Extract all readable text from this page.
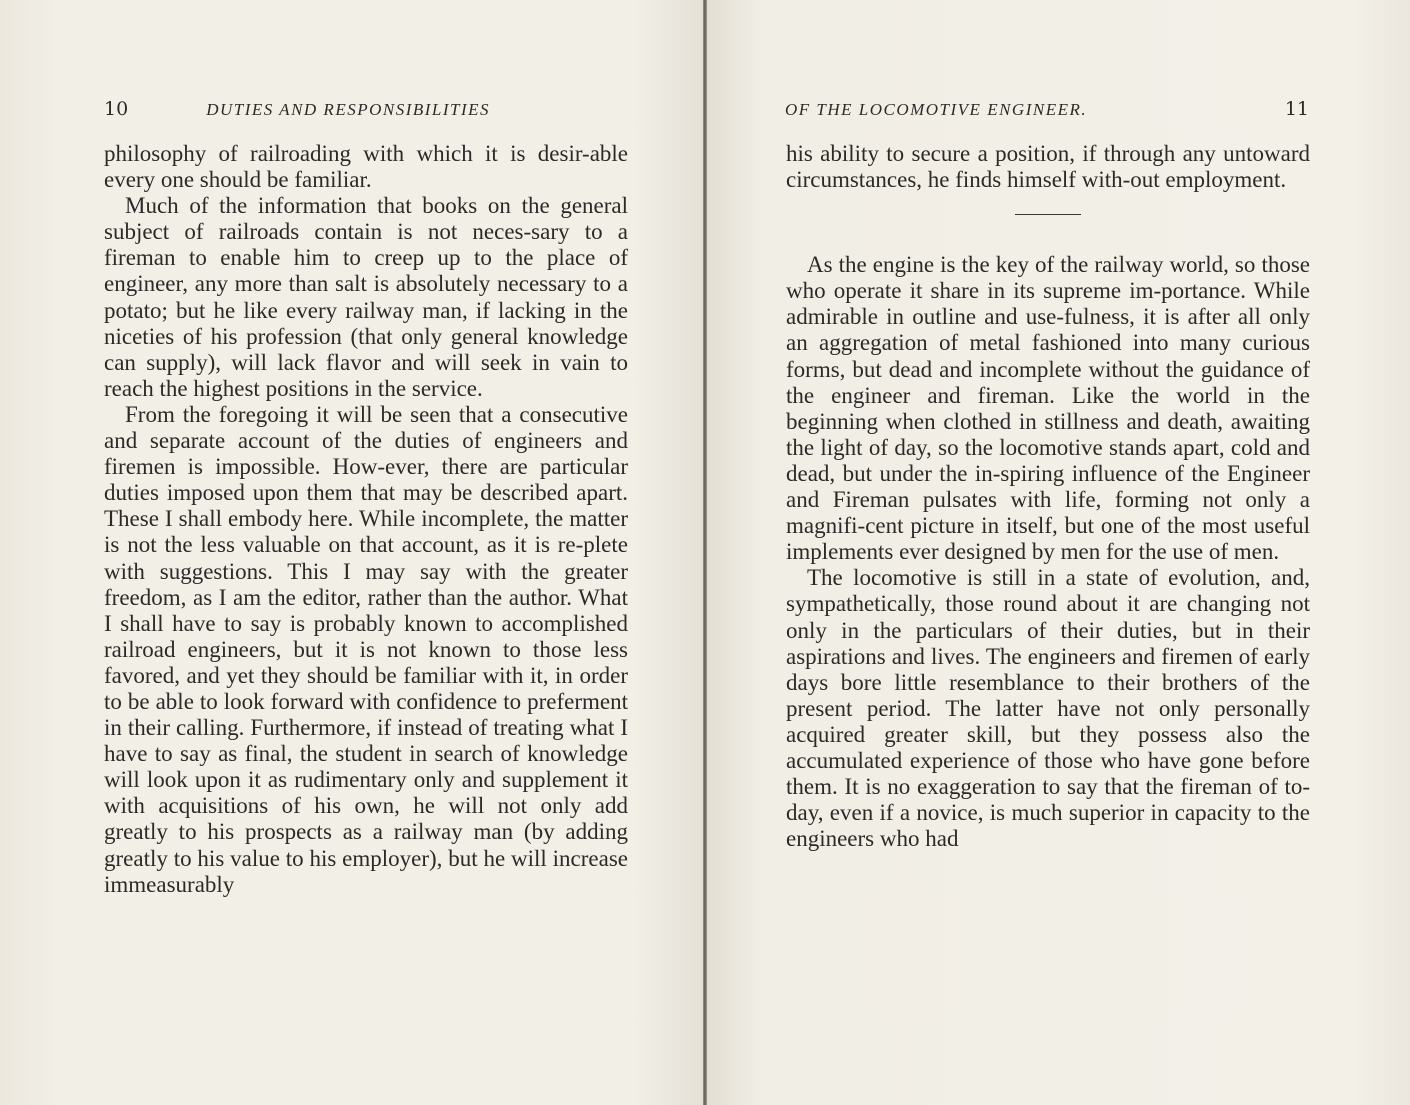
10	DUTIES AND RESPONSIBILITIES

philosophy of railroading with which it is desir-able every one should be familiar.

Much of the information that books on the general subject of railroads contain is not neces-sary to a fireman to enable him to creep up to the place of engineer, any more than salt is absolutely necessary to a potato; but he like every railway man, if lacking in the niceties of his profession (that only general knowledge can supply), will lack flavor and will seek in vain to reach the highest positions in the service.

From the foregoing it will be seen that a consecutive and separate account of the duties of engineers and firemen is impossible. How-ever, there are particular duties imposed upon them that may be described apart. These I shall embody here. While incomplete, the matter is not the less valuable on that account, as it is re-plete with suggestions. This I may say with the greater freedom, as I am the editor, rather than the author. What I shall have to say is probably known to accomplished railroad engineers, but it is not known to those less favored, and yet they should be familiar with it, in order to be able to look forward with confidence to preferment in their calling. Furthermore, if instead of treating what I have to say as final, the student in search of knowledge will look upon it as rudimentary only and supplement it with acquisitions of his own, he will not only add greatly to his prospects as a railway man (by adding greatly to his value to his employer), but he will increase immeasurably

OF THE LOCOMOTIVE ENGINEER.	11

his ability to secure a position, if through any untoward circumstances, he finds himself with-out employment.

As the engine is the key of the railway world, so those who operate it share in its supreme im-portance. While admirable in outline and use-fulness, it is after all only an aggregation of metal fashioned into many curious forms, but dead and incomplete without the guidance of the engineer and fireman. Like the world in the beginning when clothed in stillness and death, awaiting the light of day, so the locomotive stands apart, cold and dead, but under the in-spiring influence of the Engineer and Fireman pulsates with life, forming not only a magnifi-cent picture in itself, but one of the most useful implements ever designed by men for the use of men.

The locomotive is still in a state of evolution, and, sympathetically, those round about it are changing not only in the particulars of their duties, but in their aspirations and lives. The engineers and firemen of early days bore little resemblance to their brothers of the present period. The latter have not only personally acquired greater skill, but they possess also the accumulated experience of those who have gone before them. It is no exaggeration to say that the fireman of to-day, even if a novice, is much superior in capacity to the engineers who had
